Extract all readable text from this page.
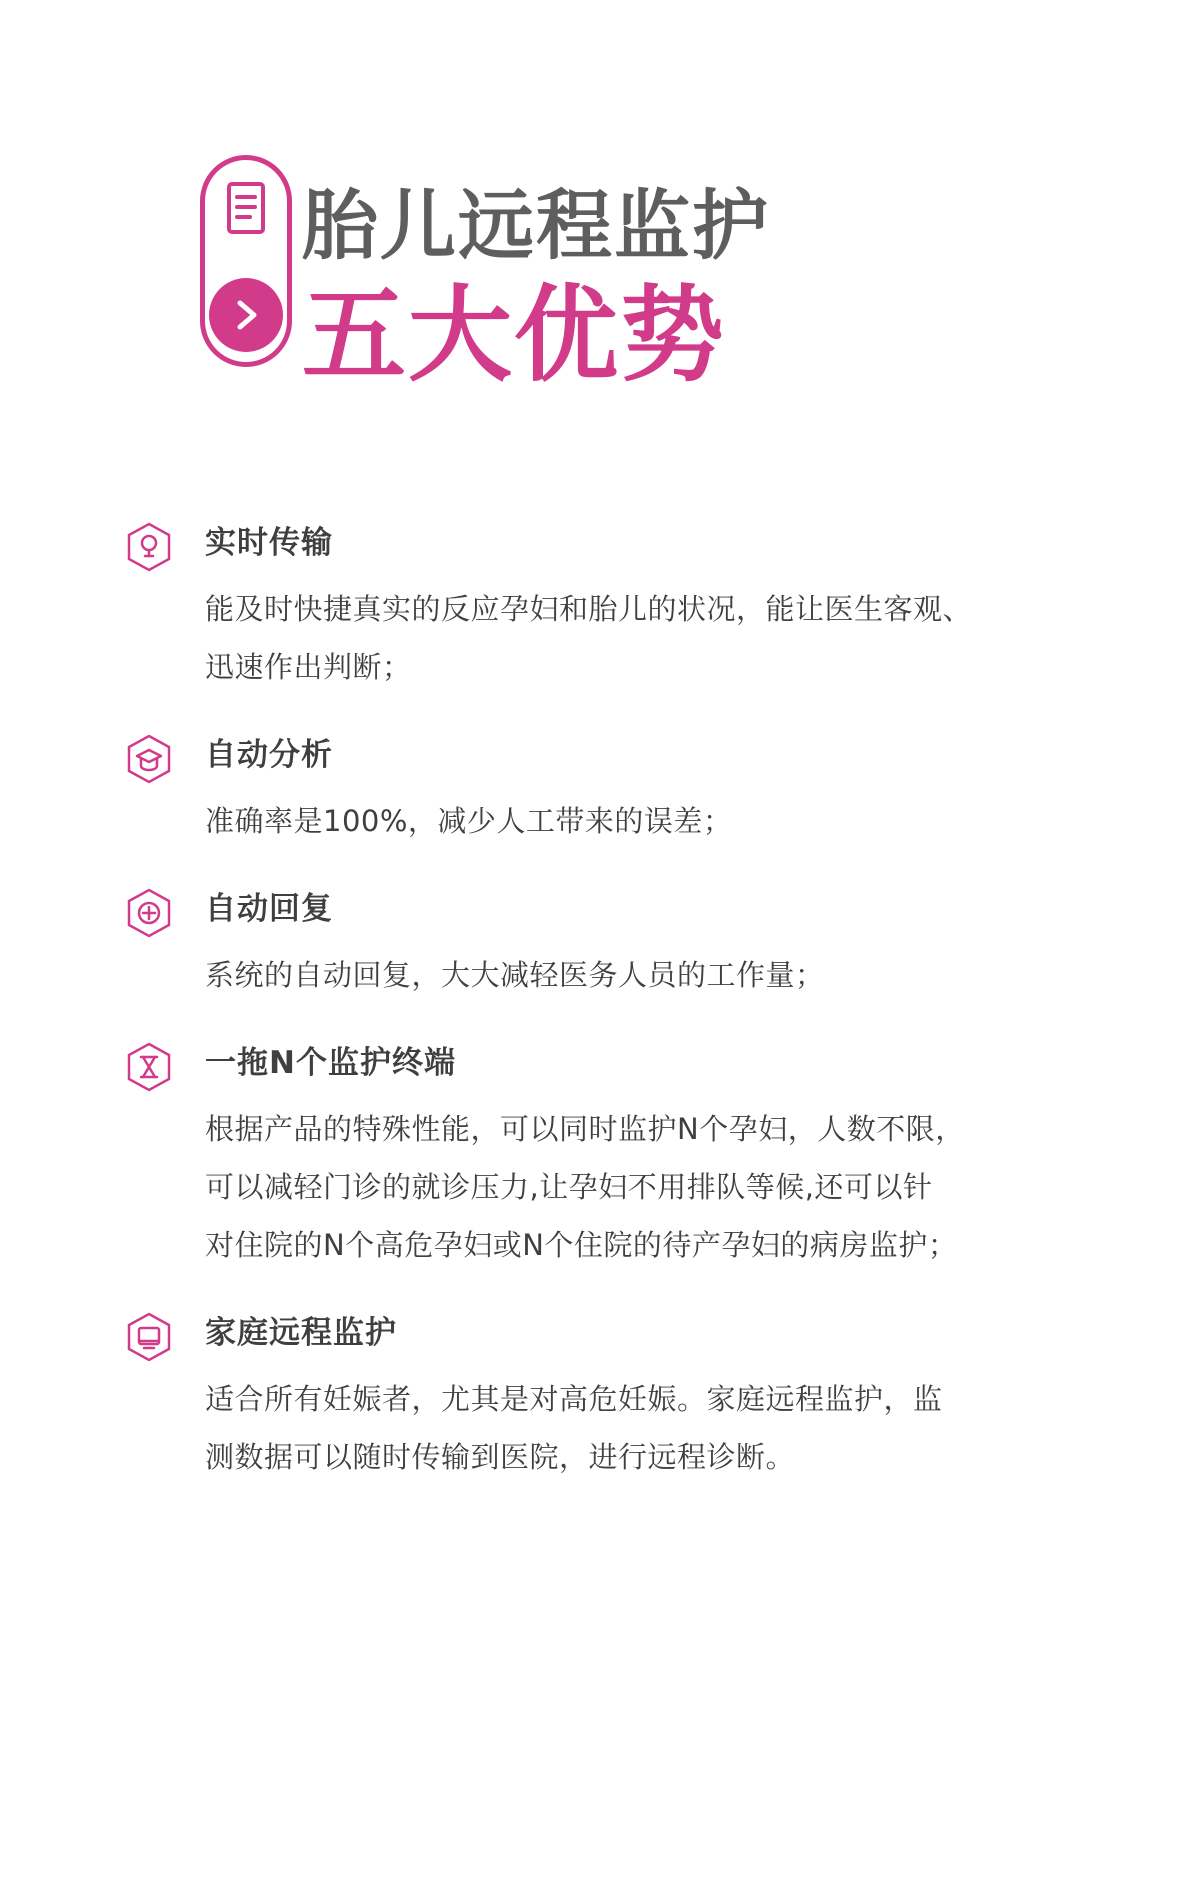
胎儿远程监护
五大优势
实时传输

能及时快捷真实的反应孕妇和胎儿的状况，能让医生客观、
迅速作出判断；

自动分析

准确率是100%，减少人工带来的误差；

自动回复

系统的自动回复，大大减轻医务人员的工作量；

一拖N个监护终端

根据产品的特殊性能，可以同时监护N个孕妇，人数不限，
可以减轻门诊的就诊压力,让孕妇不用排队等候,还可以针
对住院的N个高危孕妇或N个住院的待产孕妇的病房监护；

家庭远程监护

适合所有妊娠者，尤其是对高危妊娠。家庭远程监护，监
测数据可以随时传输到医院，进行远程诊断。
